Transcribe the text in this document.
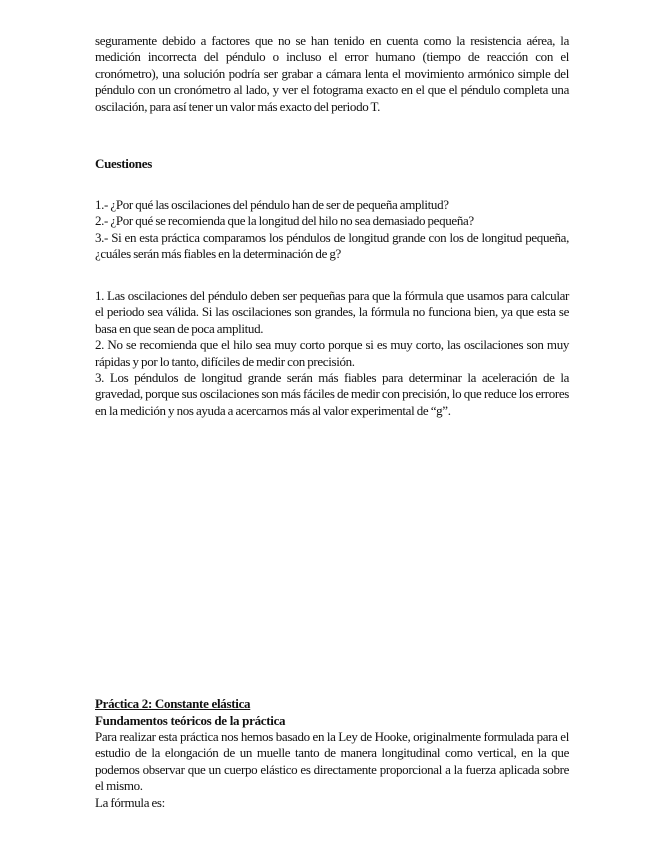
seguramente debido a factores que no se han tenido en cuenta como la resistencia aérea, la medición incorrecta del péndulo o incluso el error humano (tiempo de reacción con el cronómetro), una solución podría ser grabar a cámara lenta el movimiento armónico simple del péndulo con un cronómetro al lado, y ver el fotograma exacto en el que el péndulo completa una oscilación, para así tener un valor más exacto del periodo T.

Cuestiones

1.- ¿Por qué las oscilaciones del péndulo han de ser de pequeña amplitud?

2.- ¿Por qué se recomienda que la longitud del hilo no sea demasiado pequeña?

3.- Si en esta práctica comparamos los péndulos de longitud grande con los de longitud pequeña, ¿cuáles serán más fiables en la determinación de g?

1. Las oscilaciones del péndulo deben ser pequeñas para que la fórmula que usamos para calcular el periodo sea válida. Si las oscilaciones son grandes, la fórmula no funciona bien, ya que esta se basa en que sean de poca amplitud.

2. No se recomienda que el hilo sea muy corto porque si es muy corto, las oscilaciones son muy rápidas y por lo tanto, difíciles de medir con precisión.

3. Los péndulos de longitud grande serán más fiables para determinar la aceleración de la gravedad, porque sus oscilaciones son más fáciles de medir con precisión, lo que reduce los errores en la medición y nos ayuda a acercarnos más al valor experimental de “g”.

Práctica 2: Constante elástica
Fundamentos teóricos de la práctica

Para realizar esta práctica nos hemos basado en la Ley de Hooke, originalmente formulada para el estudio de la elongación de un muelle tanto de manera longitudinal como vertical, en la que podemos observar que un cuerpo elástico es directamente proporcional a la fuerza aplicada sobre el mismo.

La fórmula es:
